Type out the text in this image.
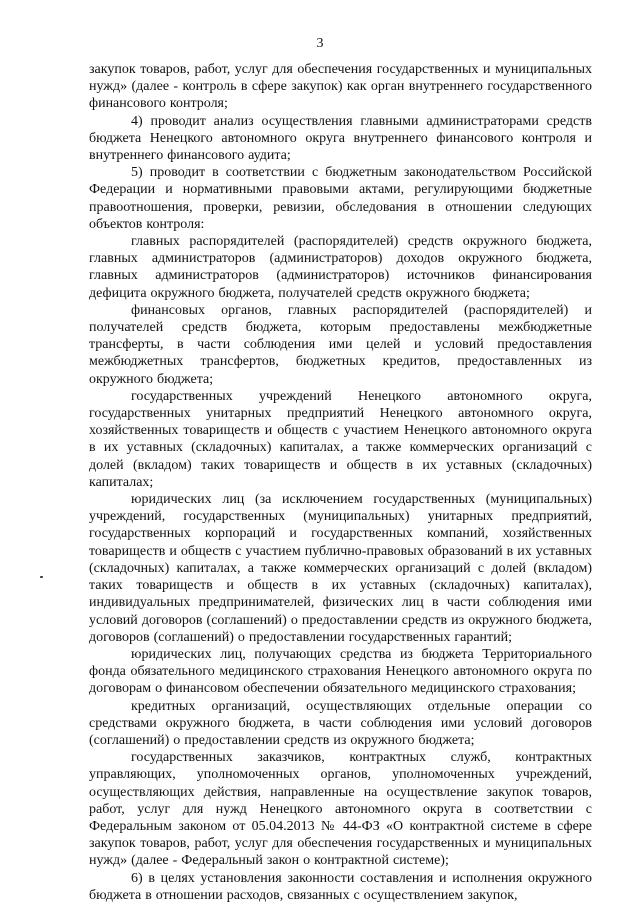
3

закупок товаров, работ, услуг для обеспечения государственных и муниципальных нужд» (далее - контроль в сфере закупок) как орган внутреннего государственного финансового контроля;

4) проводит анализ осуществления главными администраторами средств бюджета Ненецкого автономного округа внутреннего финансового контроля и внутреннего финансового аудита;

5) проводит в соответствии с бюджетным законодательством Российской Федерации и нормативными правовыми актами, регулирующими бюджетные правоотношения, проверки, ревизии, обследования в отношении следующих объектов контроля:

главных распорядителей (распорядителей) средств окружного бюджета, главных администраторов (администраторов) доходов окружного бюджета, главных администраторов (администраторов) источников финансирования дефицита окружного бюджета, получателей средств окружного бюджета;

финансовых органов, главных распорядителей (распорядителей) и получателей средств бюджета, которым предоставлены межбюджетные трансферты, в части соблюдения ими целей и условий предоставления межбюджетных трансфертов, бюджетных кредитов, предоставленных из окружного бюджета;

государственных учреждений Ненецкого автономного округа, государственных унитарных предприятий Ненецкого автономного округа, хозяйственных товариществ и обществ с участием Ненецкого автономного округа в их уставных (складочных) капиталах, а также коммерческих организаций с долей (вкладом) таких товариществ и обществ в их уставных (складочных) капиталах;

юридических лиц (за исключением государственных (муниципальных) учреждений, государственных (муниципальных) унитарных предприятий, государственных корпораций и государственных компаний, хозяйственных товариществ и обществ с участием публично-правовых образований в их уставных (складочных) капиталах, а также коммерческих организаций с долей (вкладом) таких товариществ и обществ в их уставных (складочных) капиталах), индивидуальных предпринимателей, физических лиц в части соблюдения ими условий договоров (соглашений) о предоставлении средств из окружного бюджета, договоров (соглашений) о предоставлении государственных гарантий;

юридических лиц, получающих средства из бюджета Территориального фонда обязательного медицинского страхования Ненецкого автономного округа по договорам о финансовом обеспечении обязательного медицинского страхования;

кредитных организаций, осуществляющих отдельные операции со средствами окружного бюджета, в части соблюдения ими условий договоров (соглашений) о предоставлении средств из окружного бюджета;

государственных заказчиков, контрактных служб, контрактных управляющих, уполномоченных органов, уполномоченных учреждений, осуществляющих действия, направленные на осуществление закупок товаров, работ, услуг для нужд Ненецкого автономного округа в соответствии с Федеральным законом от 05.04.2013 № 44-ФЗ «О контрактной системе в сфере закупок товаров, работ, услуг для обеспечения государственных и муниципальных нужд» (далее - Федеральный закон о контрактной системе);

6) в целях установления законности составления и исполнения окружного бюджета в отношении расходов, связанных с осуществлением закупок,
